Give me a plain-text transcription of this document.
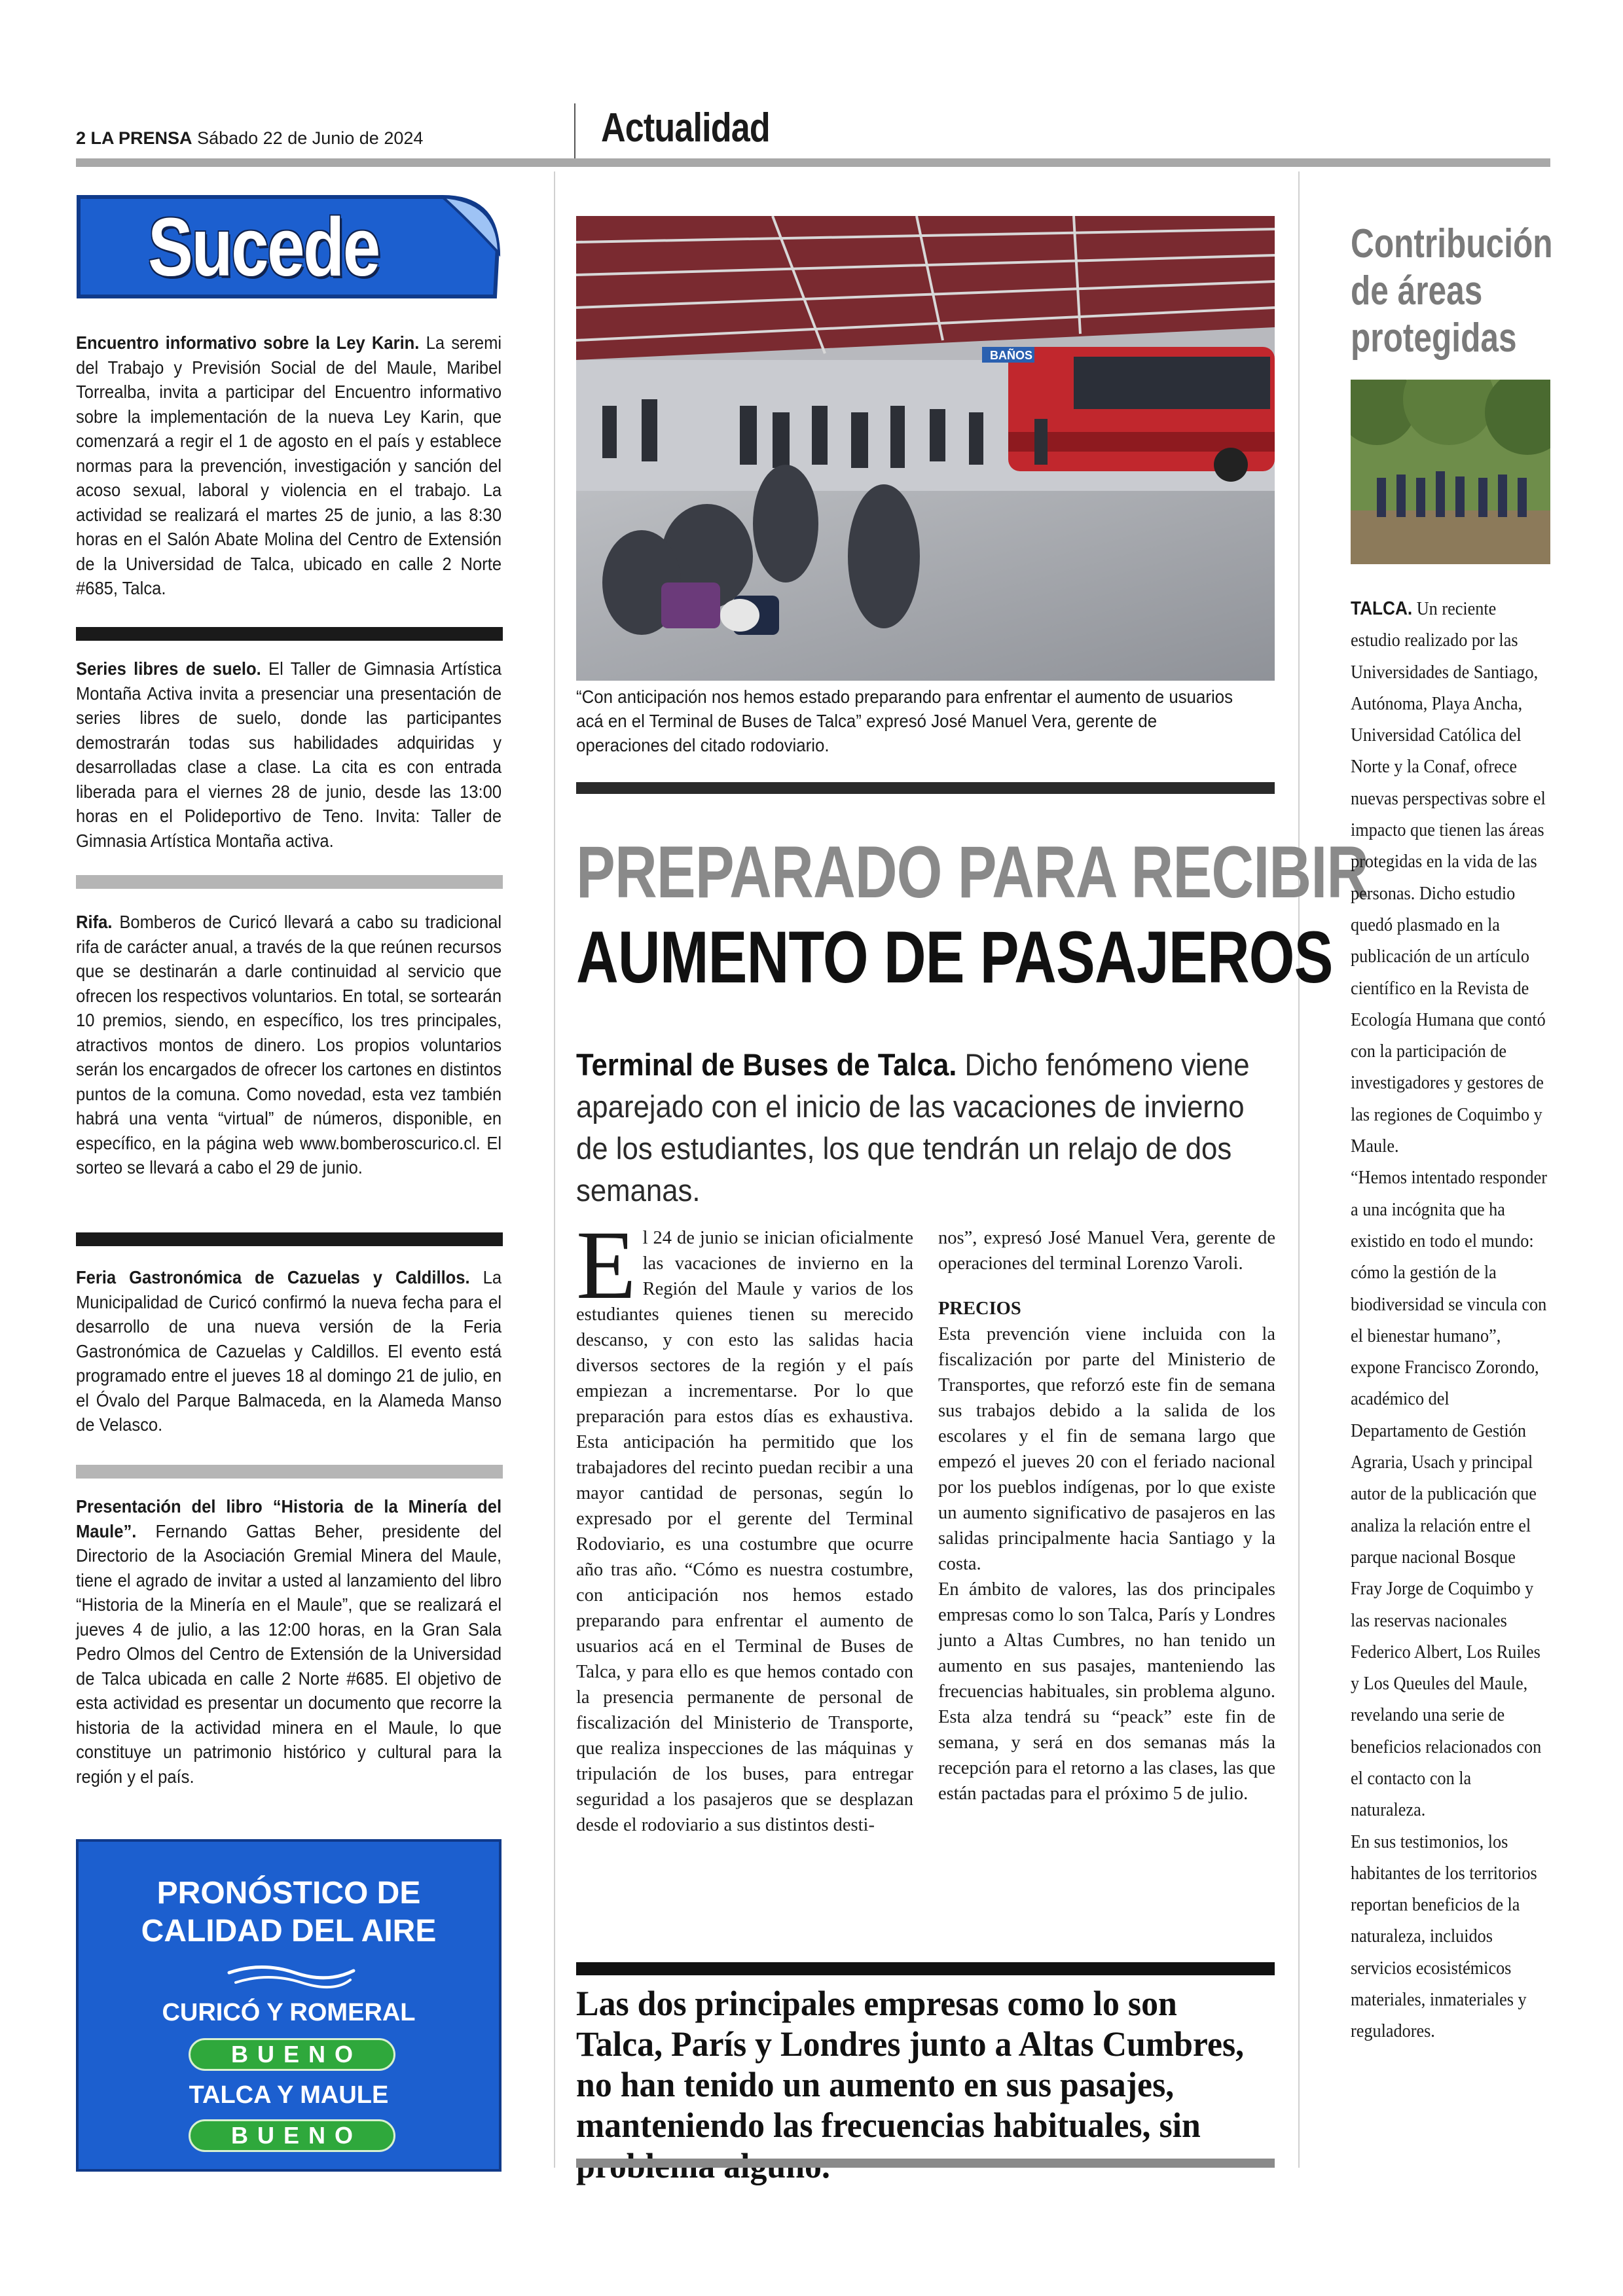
2 LA PRENSA Sábado 22 de Junio de 2024	Actualidad
Sucede
Encuentro informativo sobre la Ley Karin. La seremi del Trabajo y Previsión Social de del Maule, Maribel Torrealba, invita a participar del Encuentro informativo sobre la implementación de la nueva Ley Karin, que comenzará a regir el 1 de agosto en el país y establece normas para la prevención, investigación y sanción del acoso sexual, laboral y violencia en el trabajo. La actividad se realizará el martes 25 de junio, a las 8:30 horas en el Salón Abate Molina del Centro de Extensión de la Universidad de Talca, ubicado en calle 2 Norte #685, Talca.
Series libres de suelo. El Taller de Gimnasia Artística Montaña Activa invita a presenciar una presentación de series libres de suelo, donde las participantes demostrarán todas sus habilidades adquiridas y desarrolladas clase a clase. La cita es con entrada liberada para el viernes 28 de junio, desde las 13:00 horas en el Polideportivo de Teno. Invita: Taller de Gimnasia Artística Montaña activa.
Rifa. Bomberos de Curicó llevará a cabo su tradicional rifa de carácter anual, a través de la que reúnen recursos que se destinarán a darle continuidad al servicio que ofrecen los respectivos voluntarios. En total, se sortearán 10 premios, siendo, en específico, los tres principales, atractivos montos de dinero. Los propios voluntarios serán los encargados de ofrecer los cartones en distintos puntos de la comuna. Como novedad, esta vez también habrá una venta “virtual” de números, disponible, en específico, en la página web www.bomberoscurico.cl. El sorteo se llevará a cabo el 29 de junio.
Feria Gastronómica de Cazuelas y Caldillos. La Municipalidad de Curicó confirmó la nueva fecha para el desarrollo de una nueva versión de la Feria Gastronómica de Cazuelas y Caldillos. El evento está programado entre el jueves 18 al domingo 21 de julio, en el Óvalo del Parque Balmaceda, en la Alameda Manso de Velasco.
Presentación del libro “Historia de la Minería del Maule”. Fernando Gattas Beher, presidente del Directorio de la Asociación Gremial Minera del Maule, tiene el agrado de invitar a usted al lanzamiento del libro “Historia de la Minería en el Maule”, que se realizará el jueves 4 de julio, a las 12:00 horas, en la Gran Sala Pedro Olmos del Centro de Extensión de la Universidad de Talca ubicada en calle 2 Norte #685. El objetivo de esta actividad es presentar un documento que recorre la historia de la actividad minera en el Maule, lo que constituye un patrimonio histórico y cultural para la región y el país.
PRONÓSTICO DE
CALIDAD DEL AIRE
CURICÓ Y ROMERAL
BUENO
TALCA Y MAULE
BUENO
BAÑOS
“Con anticipación nos hemos estado preparando para enfrentar el aumento de usuarios acá en el Terminal de Buses de Talca” expresó José Manuel Vera, gerente de operaciones del citado rodoviario.
PREPARADO PARA RECIBIR
AUMENTO DE PASAJEROS
Terminal de Buses de Talca. Dicho fenómeno viene aparejado con el inicio de las vacaciones de invierno de los estudiantes, los que tendrán un relajo de dos semanas.
E l 24 de junio se inician oficialmente las vacaciones de invierno en la Región del Maule y varios de los estudiantes quienes tienen su merecido descanso, y con esto las salidas hacia diversos sectores de la región y el país empiezan a incrementarse. Por lo que preparación para estos días es exhaustiva. Esta anticipación ha permitido que los trabajadores del recinto puedan recibir a una mayor cantidad de personas, según lo expresado por el gerente del Terminal Rodoviario, es una costumbre que ocurre año tras año. “Cómo es nuestra costumbre, con anticipación nos hemos estado preparando para enfrentar el aumento de usuarios acá en el Terminal de Buses de Talca, y para ello es que hemos contado con la presencia permanente de personal de fiscalización del Ministerio de Transporte, que realiza inspecciones de las máquinas y tripulación de los buses, para entregar seguridad a los pasajeros que se desplazan desde el rodoviario a sus distintos desti-

nos”, expresó José Manuel Vera, gerente de operaciones del terminal Lorenzo Varoli.

PRECIOS

Esta prevención viene incluida con la fiscalización por parte del Ministerio de Transportes, que reforzó este fin de semana sus trabajos debido a la salida de los escolares y el fin de semana largo que empezó el jueves 20 con el feriado nacional por los pueblos indígenas, por lo que existe un aumento significativo de pasajeros en las salidas principalmente hacia Santiago y la costa.

En ámbito de valores, las dos principales empresas como lo son Talca, París y Londres junto a Altas Cumbres, no han tenido un aumento en sus pasajes, manteniendo las frecuencias habituales, sin problema alguno. Esta alza tendrá su “peack” este fin de semana, y será en dos semanas más la recepción para el retorno a las clases, las que están pactadas para el próximo 5 de julio.

Las dos principales empresas como lo son Talca, París y Londres junto a Altas Cumbres, no han tenido un aumento en sus pasajes, manteniendo las frecuencias habituales, sin
Contribución
de áreas
protegidas
TALCA. Un reciente estudio realizado por las Universidades de Santiago, Autónoma, Playa Ancha, Universidad Católica del Norte y la Conaf, ofrece nuevas perspectivas sobre el impacto que tienen las áreas protegidas en la vida de las personas. Dicho estudio quedó plasmado en la publicación de un artículo científico en la Revista de Ecología Humana que contó con la participación de investigadores y gestores de las regiones de Coquimbo y Maule.
“Hemos intentado responder a una incógnita que ha existido en todo el mundo: cómo la gestión de la biodiversidad se vincula con el bienestar humano”, expone Francisco Zorondo, académico del Departamento de Gestión Agraria, Usach y principal autor de la publicación que analiza la relación entre el parque nacional Bosque Fray Jorge de Coquimbo y las reservas nacionales Federico Albert, Los Ruiles y Los Queules del Maule, revelando una serie de beneficios relacionados con el contacto con la naturaleza.
En sus testimonios, los habitantes de los territorios reportan beneficios de la naturaleza, incluidos servicios ecosistémicos materiales, inmateriales y reguladores.
